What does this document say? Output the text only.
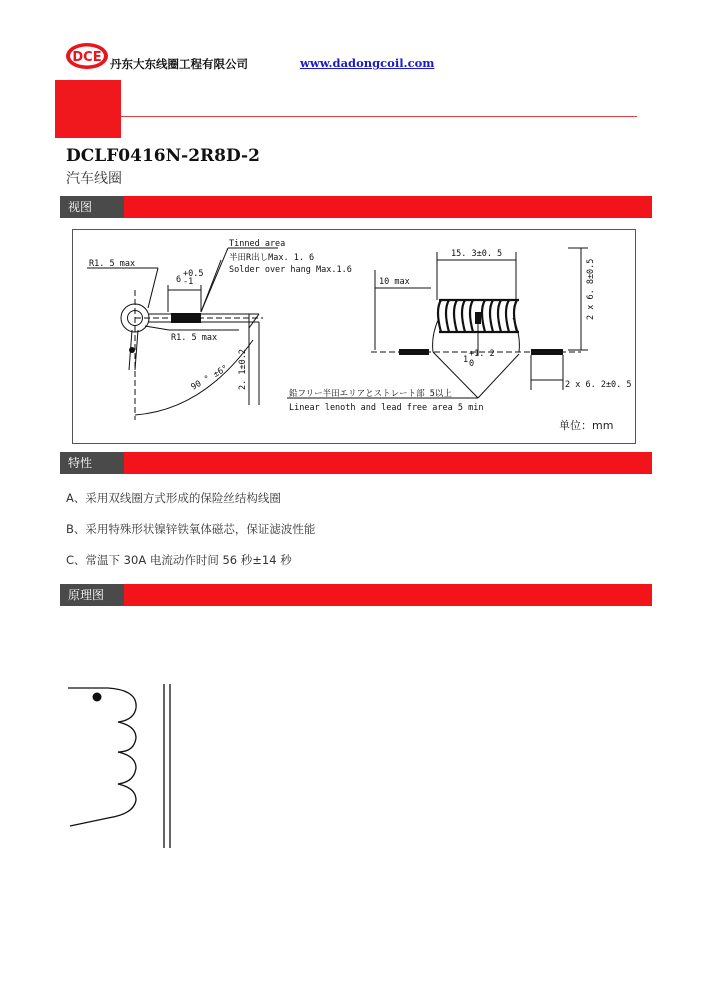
DCE 丹东大东线圈工程有限公司	www.dadongcoil.com
DCLF0416N-2R8D-2
汽车线圈
视图
R1. 5 max
R1. 5 max
6
+0.5
-1
Tinned area
半田R出しMax. 1. 6
Solder over hang Max.1.6
2. 1±0.2
90 ° ±6°
15. 3±0. 5
10 max
1
+1. 2
0
2 x 6. 8±0.5
2 x 6. 2±0. 5
鉛フリー半田エリアとストレート部 5以上
Linear lenoth and lead free area 5 min
单位：mm
特性
A、采用双线圈方式形成的保险丝结构线圈
B、采用特殊形状镍锌铁氧体磁芯，保证滤波性能
C、常温下 30A 电流动作时间 56 秒±14 秒
原理图
